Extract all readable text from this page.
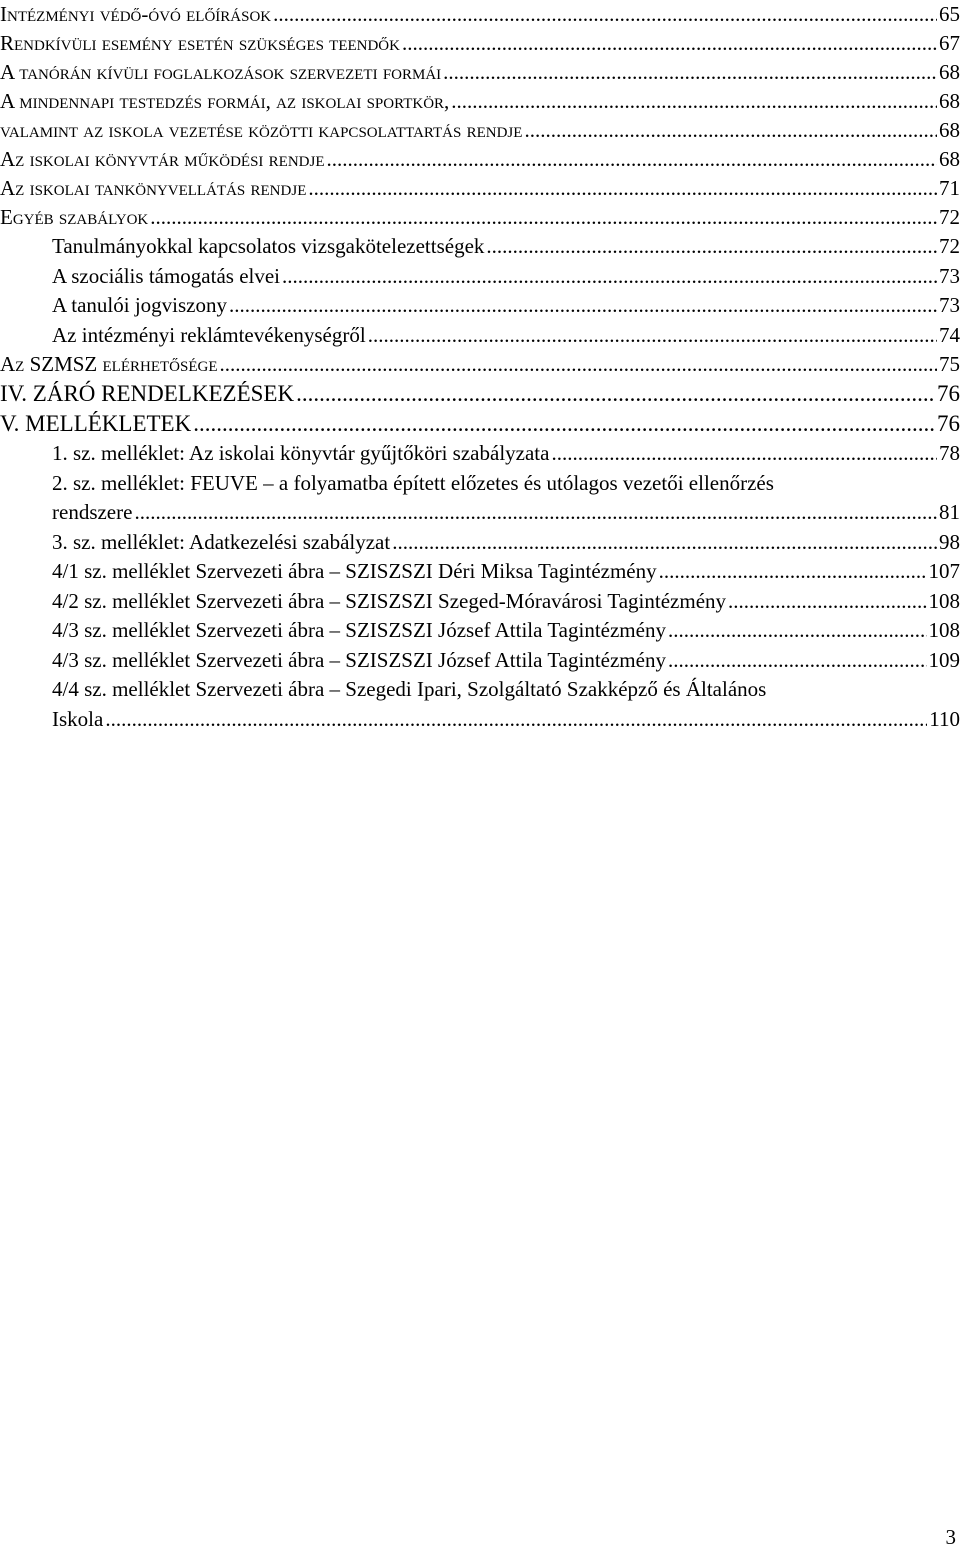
Intézményi védő-óvó előírások .....	65
Rendkívüli esemény esetén szükséges teendők .....	67
A tanórán kívüli foglalkozások szervezeti formái .....	68
A mindennapi testedzés formái, az iskolai sportkör, .....	68
valamint az iskola vezetése közötti kapcsolattartás rendje .....	68
Az iskolai könyvtár működési rendje .....	68
Az iskolai tankönyvellátás rendje .....	71
Egyéb szabályok .....	72
Tanulmányokkal kapcsolatos vizsgakötelezettségek .....	72
A szociális támogatás elvei .....	73
A tanulói jogviszony .....	73
Az intézményi reklámtevékenységről .....	74
Az SZMSZ elérhetősége .....	75
IV. ZÁRÓ RENDELKEZÉSEK .....	76
V. MELLÉKLETEK .....	76
1. sz. melléklet: Az iskolai könyvtár gyűjtőköri szabályzata .....	78
2. sz. melléklet: FEUVE – a folyamatba épített előzetes és utólagos vezetői ellenőrzés
rendszere .....	81
3. sz. melléklet: Adatkezelési szabályzat .....	98
4/1 sz. melléklet Szervezeti ábra – SZISZSZI Déri Miksa Tagintézmény .....	107
4/2 sz. melléklet Szervezeti ábra – SZISZSZI Szeged-Móravárosi Tagintézmény .....	108
4/3 sz. melléklet Szervezeti ábra – SZISZSZI József Attila Tagintézmény .....	108
4/3 sz. melléklet Szervezeti ábra – SZISZSZI József Attila Tagintézmény .....	109
4/4 sz. melléklet Szervezeti ábra – Szegedi Ipari, Szolgáltató Szakképző és Általános
Iskola .....	110
3
